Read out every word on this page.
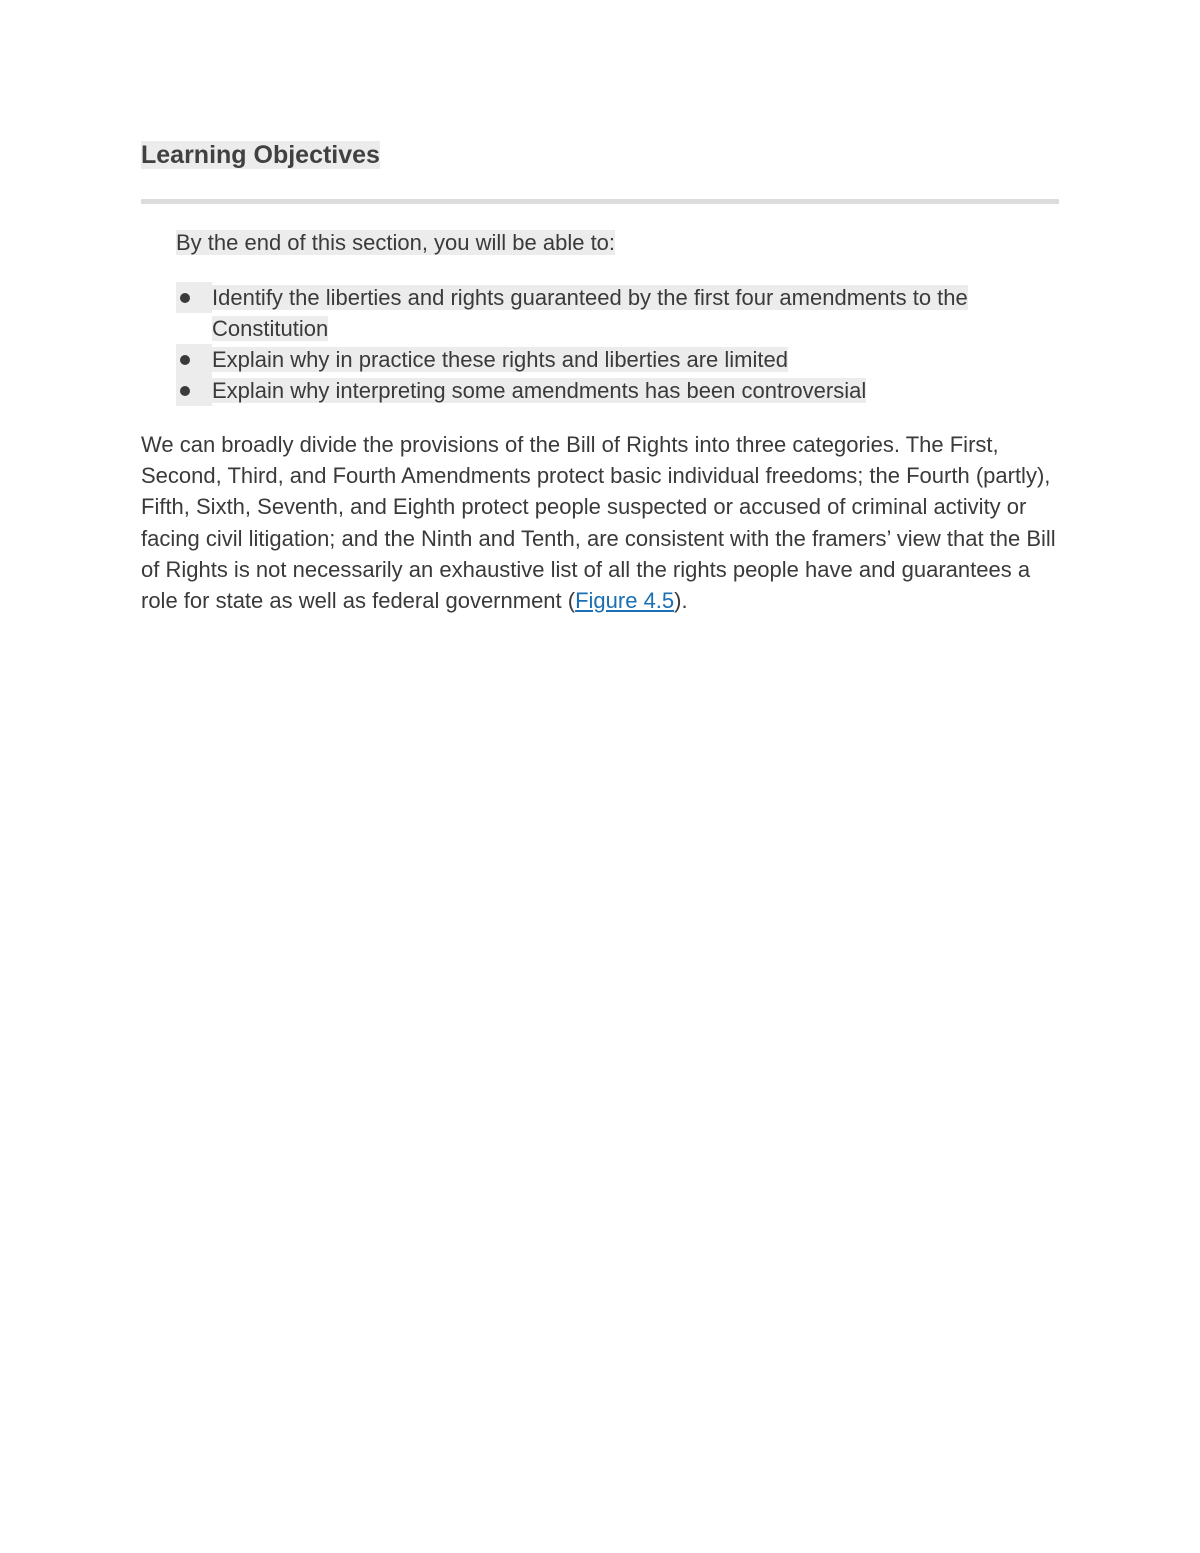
Learning Objectives
By the end of this section, you will be able to:
Identify the liberties and rights guaranteed by the first four amendments to the Constitution
Explain why in practice these rights and liberties are limited
Explain why interpreting some amendments has been controversial

We can broadly divide the provisions of the Bill of Rights into three categories. The First, Second, Third, and Fourth Amendments protect basic individual freedoms; the Fourth (partly), Fifth, Sixth, Seventh, and Eighth protect people suspected or accused of criminal activity or facing civil litigation; and the Ninth and Tenth, are consistent with the framers’ view that the Bill of Rights is not necessarily an exhaustive list of all the rights people have and guarantees a role for state as well as federal government (Figure 4.5).
